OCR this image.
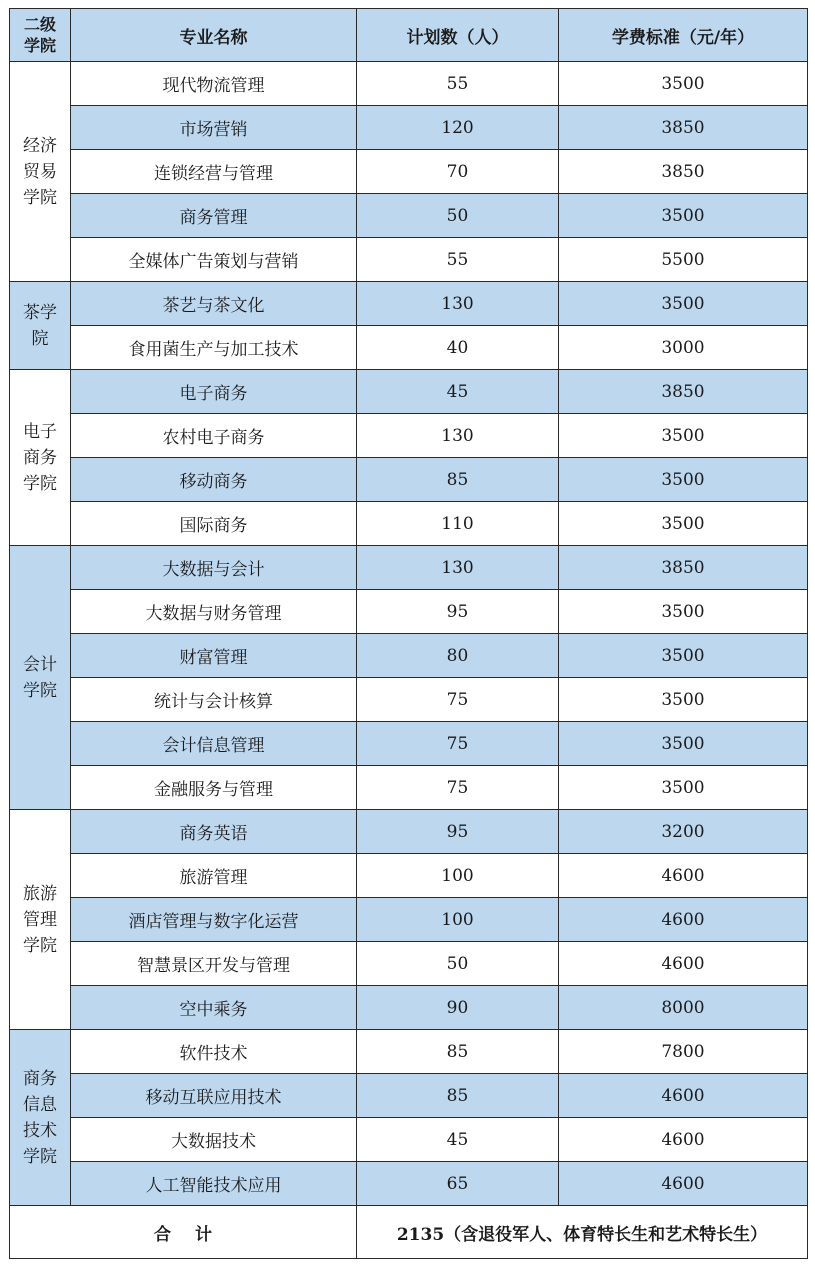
二级学院	专业名称	计划数（人）	学费标准（元/年）
经济贸易学院	现代物流管理	55	3500
	市场营销	120	3850
	连锁经营与管理	70	3850
	商务管理	50	3500
	全媒体广告策划与营销	55	5500
茶学院	茶艺与茶文化	130	3500
	食用菌生产与加工技术	40	3000
电子商务学院	电子商务	45	3850
	农村电子商务	130	3500
	移动商务	85	3500
	国际商务	110	3500
会计学院	大数据与会计	130	3850
	大数据与财务管理	95	3500
	财富管理	80	3500
	统计与会计核算	75	3500
	会计信息管理	75	3500
	金融服务与管理	75	3500
旅游管理学院	商务英语	95	3200
	旅游管理	100	4600
	酒店管理与数字化运营	100	4600
	智慧景区开发与管理	50	4600
	空中乘务	90	8000
商务信息技术学院	软件技术	85	7800
	移动互联应用技术	85	4600
	大数据技术	45	4600
	人工智能技术应用	65	4600
合计		2135（含退役军人、体育特长生和艺术特长生）	
